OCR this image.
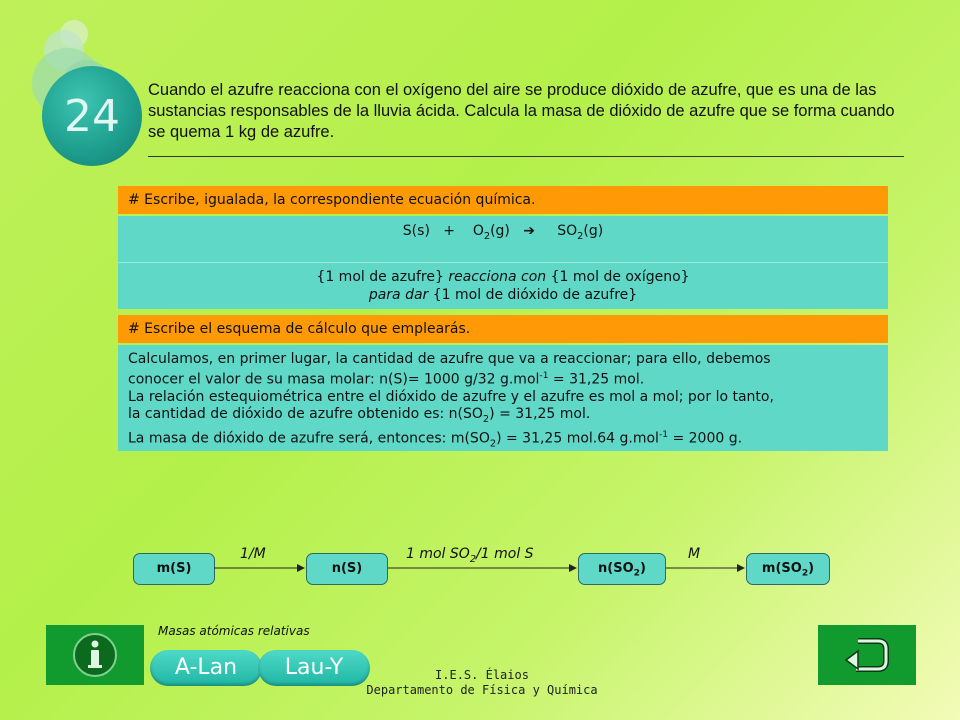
24
Cuando el azufre reacciona con el oxígeno del aire se produce dióxido de azufre, que es una de las sustancias responsables de la lluvia ácida. Calcula la masa de dióxido de azufre que se forma cuando se quema 1 kg de azufre.
# Escribe, igualada, la correspondiente ecuación química.
$S(s) + O_2(g)$ ➔ $SO_2(g)$
{1 mol de azufre} reacciona con {1 mol de oxígeno}
para dar {1 mol de dióxido de azufre}
# Escribe el esquema de cálculo que emplearás.
Calculamos, en primer lugar, la cantidad de azufre que va a reaccionar; para ello, debemos
conocer el valor de su masa molar: n(S)= 1000 g/32 g.mol$^{-1}$ = 31,25 mol.
La relación estequiométrica entre el dióxido de azufre y el azufre es mol a mol; por lo tanto,
la cantidad de dióxido de azufre obtenido es: $n(SO_2) = 31,25$ mol.
La masa de dióxido de azufre será, entonces: $m(SO_2) = 31,25$ mol.64 g.mol$^{-1}$ = 2000 g.
m(S)	n(S)	$n(SO_2)$	$m(SO_2)$
1/M	1 mol $SO_2/1$ mol S	M
Masas atómicas relativas
A-Lan	Lau-Y	I.E.S. Élaios
Departamento de Física y Química
